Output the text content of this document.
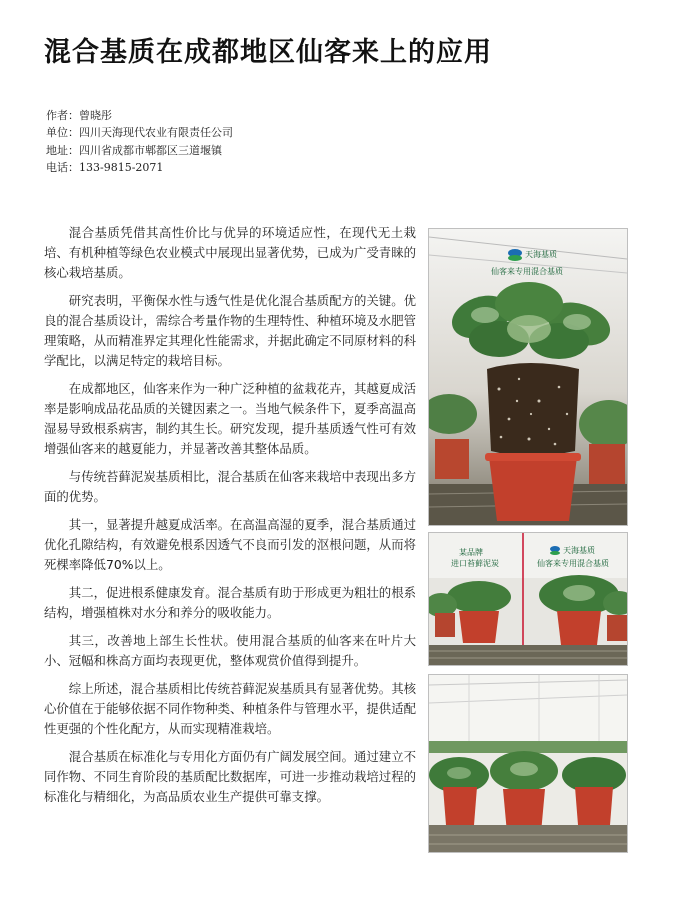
混合基质在成都地区仙客来上的应用
作者：曾晓彤
单位：四川天海现代农业有限责任公司
地址：四川省成都市郫都区三道堰镇
电话：133-9815-2071

混合基质凭借其高性价比与优异的环境适应性，在现代无土栽培、有机种植等绿色农业模式中展现出显著优势，已成为广受青睐的核心栽培基质。

研究表明，平衡保水性与透气性是优化混合基质配方的关键。优良的混合基质设计，需综合考量作物的生理特性、种植环境及水肥管理策略，从而精准界定其理化性能需求，并据此确定不同原材料的科学配比，以满足特定的栽培目标。

在成都地区，仙客来作为一种广泛种植的盆栽花卉，其越夏成活率是影响成品花品质的关键因素之一。当地气候条件下，夏季高温高湿易导致根系病害，制约其生长。研究发现，提升基质透气性可有效增强仙客来的越夏能力，并显著改善其整体品质。

与传统苔藓泥炭基质相比，混合基质在仙客来栽培中表现出多方面的优势。

其一，显著提升越夏成活率。在高温高湿的夏季，混合基质通过优化孔隙结构，有效避免根系因透气不良而引发的沤根问题，从而将死棵率降低70%以上。

其二，促进根系健康发育。混合基质有助于形成更为粗壮的根系结构，增强植株对水分和养分的吸收能力。

其三，改善地上部生长性状。使用混合基质的仙客来在叶片大小、冠幅和株高方面均表现更优，整体观赏价值得到提升。

综上所述，混合基质相比传统苔藓泥炭基质具有显著优势。其核心价值在于能够依据不同作物种类、种植条件与管理水平，提供适配性更强的个性化配方，从而实现精准栽培。

混合基质在标准化与专用化方面仍有广阔发展空间。通过建立不同作物、不同生育阶段的基质配比数据库，可进一步推动栽培过程的标准化与精细化，为高品质农业生产提供可靠支撑。

天海基质
仙客来专用混合基质
某品牌
进口苔藓泥炭
天海基质
仙客来专用混合基质
